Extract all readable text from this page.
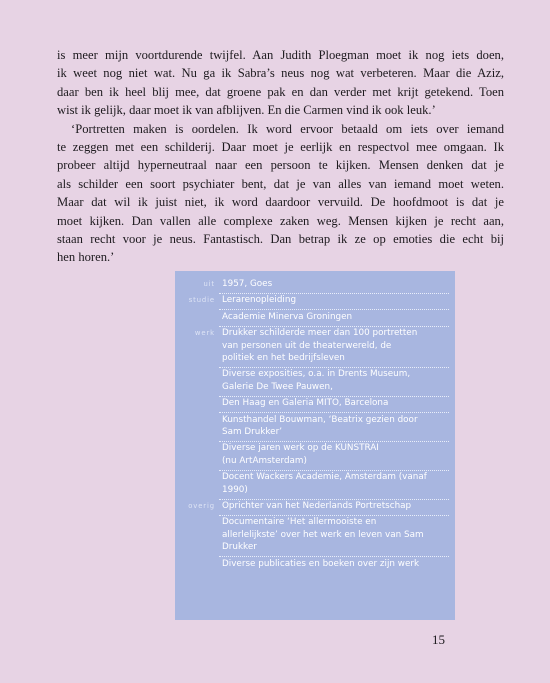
is meer mijn voortdurende twijfel. Aan Judith Ploegman moet ik nog iets doen,
ik weet nog niet wat. Nu ga ik Sabra’s neus nog wat verbeteren. Maar die Aziz,
daar ben ik heel blij mee, dat groene pak en dan verder met krijt getekend. Toen
wist ik gelijk, daar moet ik van afblijven. En die Carmen vind ik ook leuk.’

‘Portretten maken is oordelen. Ik word ervoor betaald om iets over iemand
te zeggen met een schilderij. Daar moet je eerlijk en respectvol mee omgaan. Ik
probeer altijd hyperneutraal naar een persoon te kijken. Mensen denken dat je
als schilder een soort psychiater bent, dat je van alles van iemand moet weten.
Maar dat wil ik juist niet, ik word daardoor vervuild. De hoofdmoot is dat je
moet kijken. Dan vallen alle complexe zaken weg. Mensen kijken je recht aan,
staan recht voor je neus. Fantastisch. Dan betrap ik ze op emoties die echt bij
hen horen.’

uit 1957, Goes
studie Lerarenopleiding
Academie Minerva Groningen
werk Drukker schilderde meer dan 100 portretten
van personen uit de theaterwereld, de
politiek en het bedrijfsleven
Diverse exposities, o.a. in Drents Museum,
Galerie De Twee Pauwen,
Den Haag en Galeria MITO, Barcelona
Kunsthandel Bouwman, ‘Beatrix gezien door
Sam Drukker’
Diverse jaren werk op de KUNSTRAI
(nu ArtAmsterdam)
Docent Wackers Academie, Amsterdam (vanaf
1990)
overig Oprichter van het Nederlands Portretschap
Documentaire ‘Het allermooiste en
allerlelijkste’ over het werk en leven van Sam
Drukker
Diverse publicaties en boeken over zijn werk
15
